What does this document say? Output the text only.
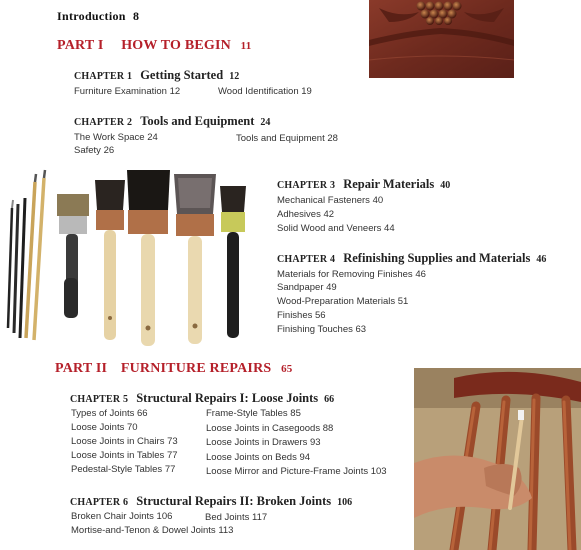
Introduction 8
PART I HOW TO BEGIN 11
CHAPTER 1 Getting Started 12
Furniture Examination 12	Wood Identification 19
CHAPTER 2 Tools and Equipment 24
The Work Space 24	Tools and Equipment 28
Safety 26
CHAPTER 3 Repair Materials 40
Mechanical Fasteners 40
Adhesives 42
Solid Wood and Veneers 44
CHAPTER 4 Refinishing Supplies and Materials 46
Materials for Removing Finishes 46
Sandpaper 49
Wood-Preparation Materials 51
Finishes 56
Finishing Touches 63
PART II FURNITURE REPAIRS 65
CHAPTER 5 Structural Repairs I: Loose Joints 66
Types of Joints 66
Loose Joints 70
Loose Joints in Chairs 73
Loose Joints in Tables 77
Pedestal-Style Tables 77
Frame-Style Tables 85
Loose Joints in Casegoods 88
Loose Joints in Drawers 93
Loose Joints on Beds 94
Loose Mirror and Picture-Frame Joints 103
CHAPTER 6 Structural Repairs II: Broken Joints 106
Broken Chair Joints 106	Bed Joints 117
Mortise-and-Tenon & Dowel Joints 113
